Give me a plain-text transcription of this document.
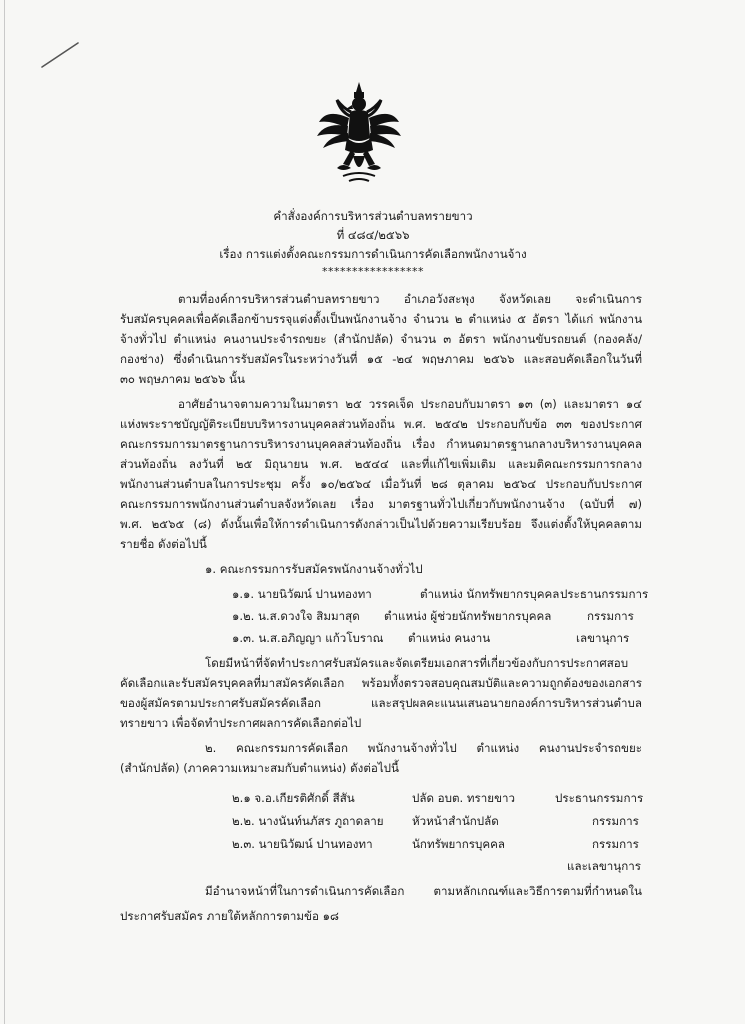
คำสั่งองค์การบริหารส่วนตำบลทรายขาว
ที่ ๔๘๔/๒๕๖๖
เรื่อง การแต่งตั้งคณะกรรมการดำเนินการคัดเลือกพนักงานจ้าง
*****************
ตามที่องค์การบริหารส่วนตำบลทรายขาว อำเภอวังสะพุง จังหวัดเลย จะดำเนินการ
รับสมัครบุคคลเพื่อคัดเลือกข้าบรรจุแต่งตั้งเป็นพนักงานจ้าง จำนวน ๒ ตำแหน่ง ๕ อัตรา ได้แก่ พนักงาน
จ้างทั่วไป ตำแหน่ง คนงานประจำรถขยะ (สำนักปลัด) จำนวน ๓ อัตรา พนักงานขับรถยนต์ (กองคลัง/
กองช่าง) ซึ่งดำเนินการรับสมัครในระหว่างวันที่ ๑๕ -๒๔ พฤษภาคม ๒๕๖๖ และสอบคัดเลือกในวันที่
๓๐ พฤษภาคม ๒๕๖๖ นั้น
อาศัยอำนาจตามความในมาตรา ๒๕ วรรคเจ็ด ประกอบกับมาตรา ๑๓ (๓) และมาตรา ๑๔
แห่งพระราชบัญญัติระเบียบบริหารงานบุคคลส่วนท้องถิ่น พ.ศ. ๒๕๔๒ ประกอบกับข้อ ๓๓ ของประกาศ
คณะกรรมการมาตรฐานการบริหารงานบุคคลส่วนท้องถิ่น เรื่อง กำหนดมาตรฐานกลางบริหารงานบุคคล
ส่วนท้องถิ่น ลงวันที่ ๒๕ มิถุนายน พ.ศ. ๒๕๔๔ และที่แก้ไขเพิ่มเติม และมติคณะกรรมการกลาง
พนักงานส่วนตำบลในการประชุม ครั้ง ๑๐/๒๕๖๔ เมื่อวันที่ ๒๘ ตุลาคม ๒๕๖๔ ประกอบกับประกาศ
คณะกรรมการพนักงานส่วนตำบลจังหวัดเลย เรื่อง มาตรฐานทั่วไปเกี่ยวกับพนักงานจ้าง (ฉบับที่ ๗)
พ.ศ. ๒๕๖๕ (๘) ดังนั้นเพื่อให้การดำเนินการดังกล่าวเป็นไปด้วยความเรียบร้อย จึงแต่งตั้งให้บุคคลตาม
รายชื่อ ดังต่อไปนี้
๑. คณะกรรมการรับสมัครพนักงานจ้างทั่วไป
๑.๑. นายนิวัฒน์ ปานทองทา	ตำแหน่ง นักทรัพยากรบุคคล ประธานกรรมการ
๑.๒. น.ส.ดวงใจ สิมมาสุด ตำแหน่ง ผู้ช่วยนักทรัพยากรบุคคล	กรรมการ
๑.๓. น.ส.อภิญญา แก้วโบราณ ตำแหน่ง คนงาน	เลขานุการ
โดยมีหน้าที่จัดทำประกาศรับสมัครและจัดเตรียมเอกสารที่เกี่ยวข้องกับการประกาศสอบ
คัดเลือกและรับสมัครบุคคลที่มาสมัครคัดเลือก พร้อมทั้งตรวจสอบคุณสมบัติและความถูกต้องของเอกสาร
ของผู้สมัครตามประกาศรับสมัครคัดเลือก และสรุปผลคะแนนเสนอนายกองค์การบริหารส่วนตำบล
ทรายขาว เพื่อจัดทำประกาศผลการคัดเลือกต่อไป
๒. คณะกรรมการคัดเลือก พนักงานจ้างทั่วไป ตำแหน่ง คนงานประจำรถขยะ
(สำนักปลัด) (ภาคความเหมาะสมกับตำแหน่ง) ดังต่อไปนี้
๒.๑ จ.อ.เกียรติศักดิ์ สีสัน	ปลัด อบต. ทรายขาว	ประธานกรรมการ
๒.๒. นางนันท์นภัสร ภูถาดลาย หัวหน้าสำนักปลัด	กรรมการ
๒.๓. นายนิวัฒน์ ปานทองทา	นักทรัพยากรบุคคล	กรรมการ
และเลขานุการ
มีอำนาจหน้าที่ในการดำเนินการคัดเลือก ตามหลักเกณฑ์และวิธีการตามที่กำหนดใน
ประกาศรับสมัคร ภายใต้หลักการตามข้อ ๑๘
